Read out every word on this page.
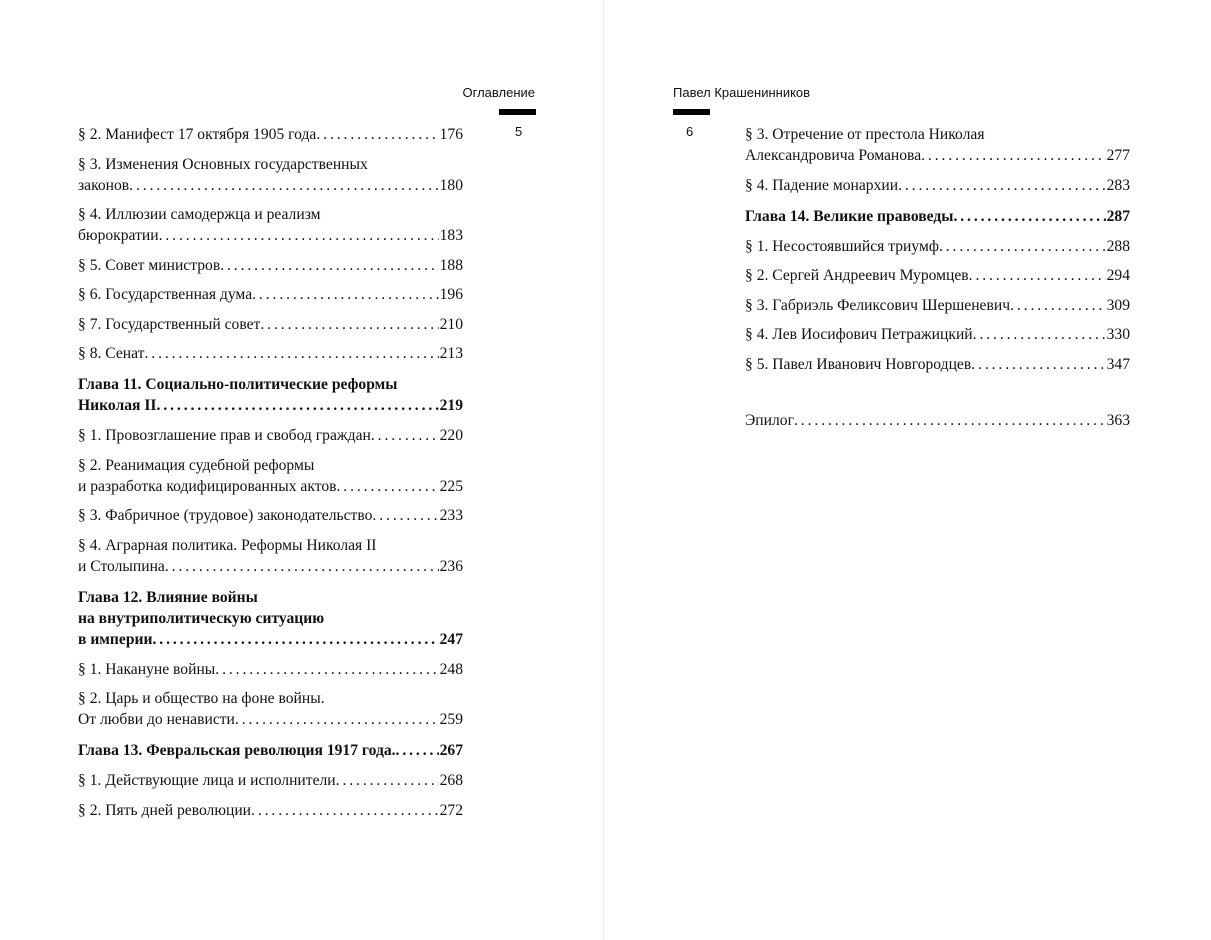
Оглавление
5
§ 2. Манифест 17 октября 1905 года . . .	176
§ 3. Изменения Основных государственных
законов . . .	180
§ 4. Иллюзии самодержца и реализм
бюрократии . . .	183
§ 5. Совет министров . . .	188
§ 6. Государственная дума . . .	196
§ 7. Государственный совет . . .	210
§ 8. Сенат . . .	213
Глава 11. Социально-политические реформы
Николая II . . .	219
§ 1. Провозглашение прав и свобод граждан . . .	220
§ 2. Реанимация судебной реформы
и разработка кодифицированных актов . . .	225
§ 3. Фабричное (трудовое) законодательство . . .	233
§ 4. Аграрная политика. Реформы Николая II
и Столыпина . . .	236
Глава 12. Влияние войны
на внутриполитическую ситуацию
в империи . . .	247
§ 1. Накануне войны . . .	248
§ 2. Царь и общество на фоне войны.
От любви до ненависти . . .	259
Глава 13. Февральская революция 1917 года. . . .	267
§ 1. Действующие лица и исполнители . . .	268
§ 2. Пять дней революции . . .	272
Павел Крашенинников
6	§ 3. Отречение от престола Николая
Александровича Романова . . .	277
§ 4. Падение монархии . . .	283
Глава 14. Великие правоведы . . .	287
§ 1. Несостоявшийся триумф . . .	288
§ 2. Сергей Андреевич Муромцев . . .	294
§ 3. Габриэль Феликсович Шершеневич . . .	309
§ 4. Лев Иосифович Петражицкий . . .	330
§ 5. Павел Иванович Новгородцев . . .	347
Эпилог . . .	363
